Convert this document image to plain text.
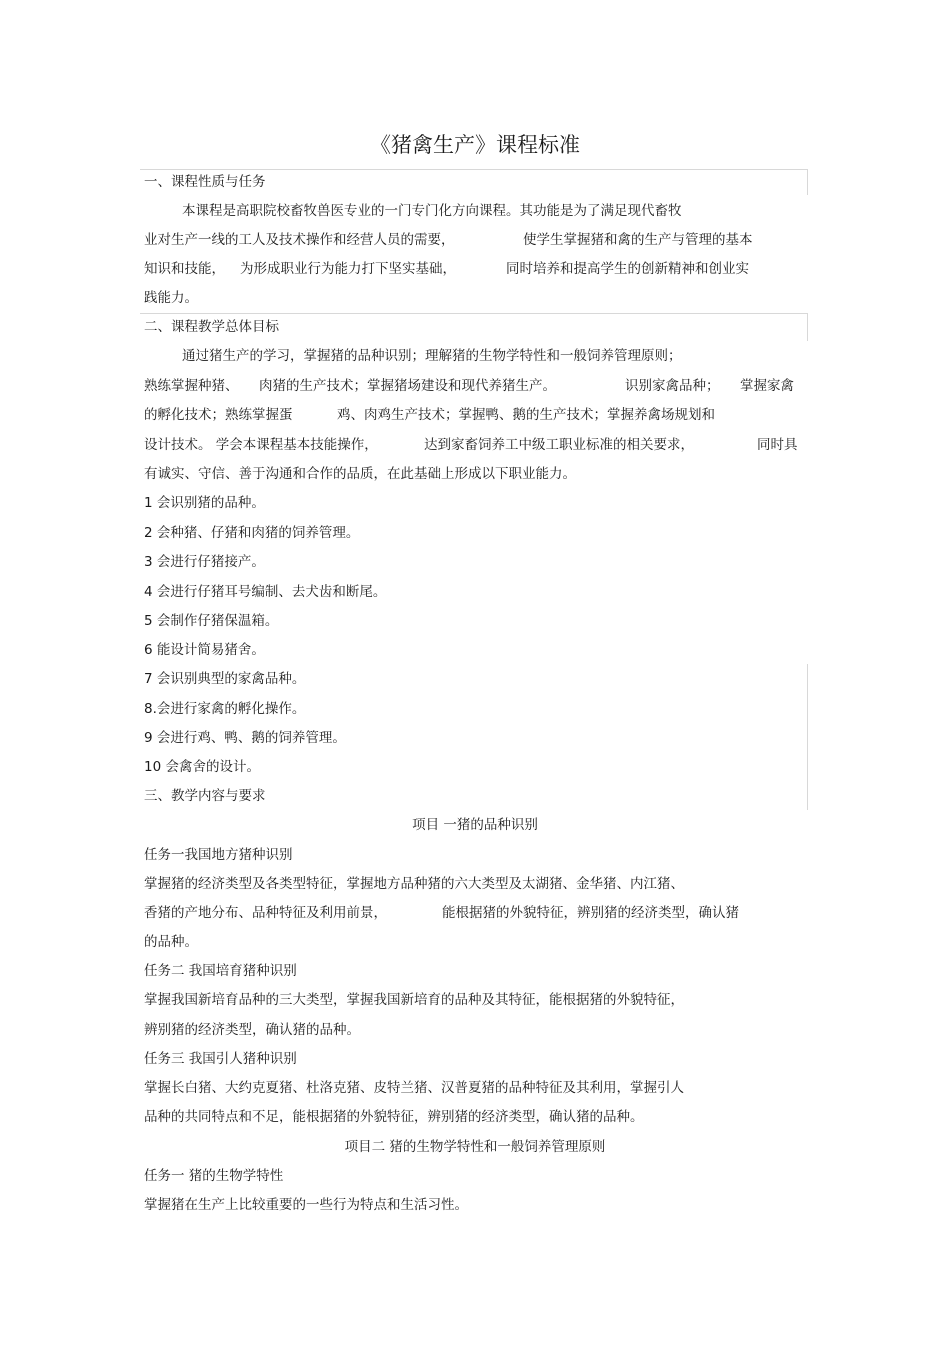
《猪禽生产》课程标准
一、课程性质与任务
本课程是高职院校畜牧兽医专业的一门专门化方向课程。其功能是为了满足现代畜牧
业对生产一线的工人及技术操作和经营人员的需要，	使学生掌握猪和禽的生产与管理的基本
知识和技能， 为形成职业行为能力打下坚实基础，	同时培养和提高学生的创新精神和创业实
践能力。
二、课程教学总体目标
通过猪生产的学习，掌握猪的品种识别；理解猪的生物学特性和一般饲养管理原则；
熟练掌握种猪、 肉猪的生产技术；掌握猪场建设和现代养猪生产。	识别家禽品种； 掌握家禽
的孵化技术；熟练掌握蛋	鸡、肉鸡生产技术；掌握鸭、鹅的生产技术；掌握养禽场规划和
设计技术。 学会本课程基本技能操作，	达到家畜饲养工中级工职业标准的相关要求，	同时具
有诚实、守信、善于沟通和合作的品质，在此基础上形成以下职业能力。
1 会识别猪的品种。
2 会种猪、仔猪和肉猪的饲养管理。
3 会进行仔猪接产。
4 会进行仔猪耳号编制、去犬齿和断尾。
5 会制作仔猪保温箱。
6 能设计简易猪舍。
7 会识别典型的家禽品种。
8.会进行家禽的孵化操作。
9 会进行鸡、鸭、鹅的饲养管理。
10 会禽舍的设计。
三、教学内容与要求
项目 一猪的品种识别
任务一我国地方猪种识别
掌握猪的经济类型及各类型特征，掌握地方品种猪的六大类型及太湖猪、金华猪、内江猪、
香猪的产地分布、品种特征及利用前景，	能根据猪的外貌特征，辨别猪的经济类型，确认猪
的品种。
任务二 我国培育猪种识别
掌握我国新培育品种的三大类型，掌握我国新培育的品种及其特征，能根据猪的外貌特征，
辨别猪的经济类型，确认猪的品种。
任务三 我国引人猪种识别
掌握长白猪、大约克夏猪、杜洛克猪、皮特兰猪、汉普夏猪的品种特征及其利用，掌握引人
品种的共同特点和不足，能根据猪的外貌特征，辨别猪的经济类型，确认猪的品种。
项目二 猪的生物学特性和一般饲养管理原则
任务一 猪的生物学特性
掌握猪在生产上比较重要的一些行为特点和生活习性。
